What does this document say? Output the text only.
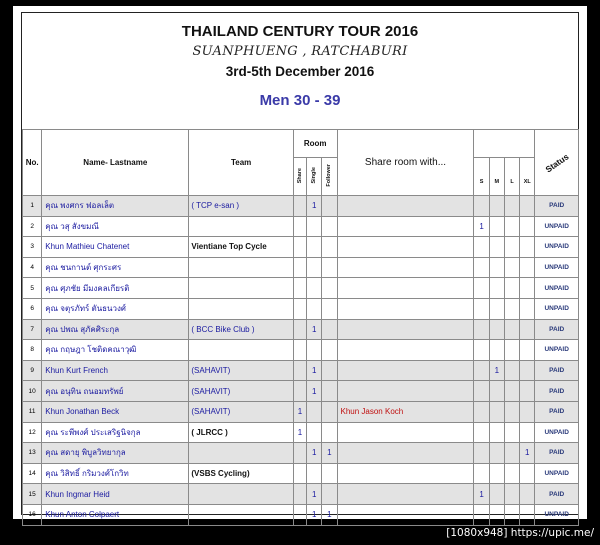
THAILAND CENTURY TOUR 2016
SUANPHUENG , RATCHABURI
3rd-5th December 2016
Men 30 - 39
No.	Name- Lastname	Team	Room			Share room with...					Status
			Share	Single	Follower		S	M	L	XL	
1	คุณ พงศกร ฟอลเล็ต	( TCP e-san )		1							PAID
2	คุณ วสุ สังขมณี						1				UNPAID
3	Khun Mathieu Chatenet	Vientiane Top Cycle									UNPAID
4	คุณ ชนกานต์ ศุกระศร										UNPAID
5	คุณ ศุภชัย มีมงคลเกียรติ										UNPAID
6	คุณ จตุรภัทร์ ตันธนวงศ์										UNPAID
7	คุณ ปพณ สุภัคศิระกุล	( BCC Bike Club )		1							PAID
8	คุณ กฤษฎา โชติดคณาวุฒิ										UNPAID
9	Khun Kurt French	(SAHAVIT)		1				1			PAID
10	คุณ อนุทิน ถนอมทรัพย์	(SAHAVIT)		1							PAID
11	Khun Jonathan Beck	(SAHAVIT)	1			Khun Jason Koch					PAID
12	คุณ ระพีพงศ์ ประเสริฐนิจกุล	( JLRCC )	1								UNPAID
13	คุณ สดายุ พิบูลวิทยากุล			1	1					1	PAID
14	คุณ วิสิทธิ์ กริมวงศ์โกวิท	(VSBS Cycling)									UNPAID
15	Khun Ingmar Heid			1			1				PAID
16	Khun Anton Colpaert			1	1						UNPAID
[1080x948] https://upic.me/
